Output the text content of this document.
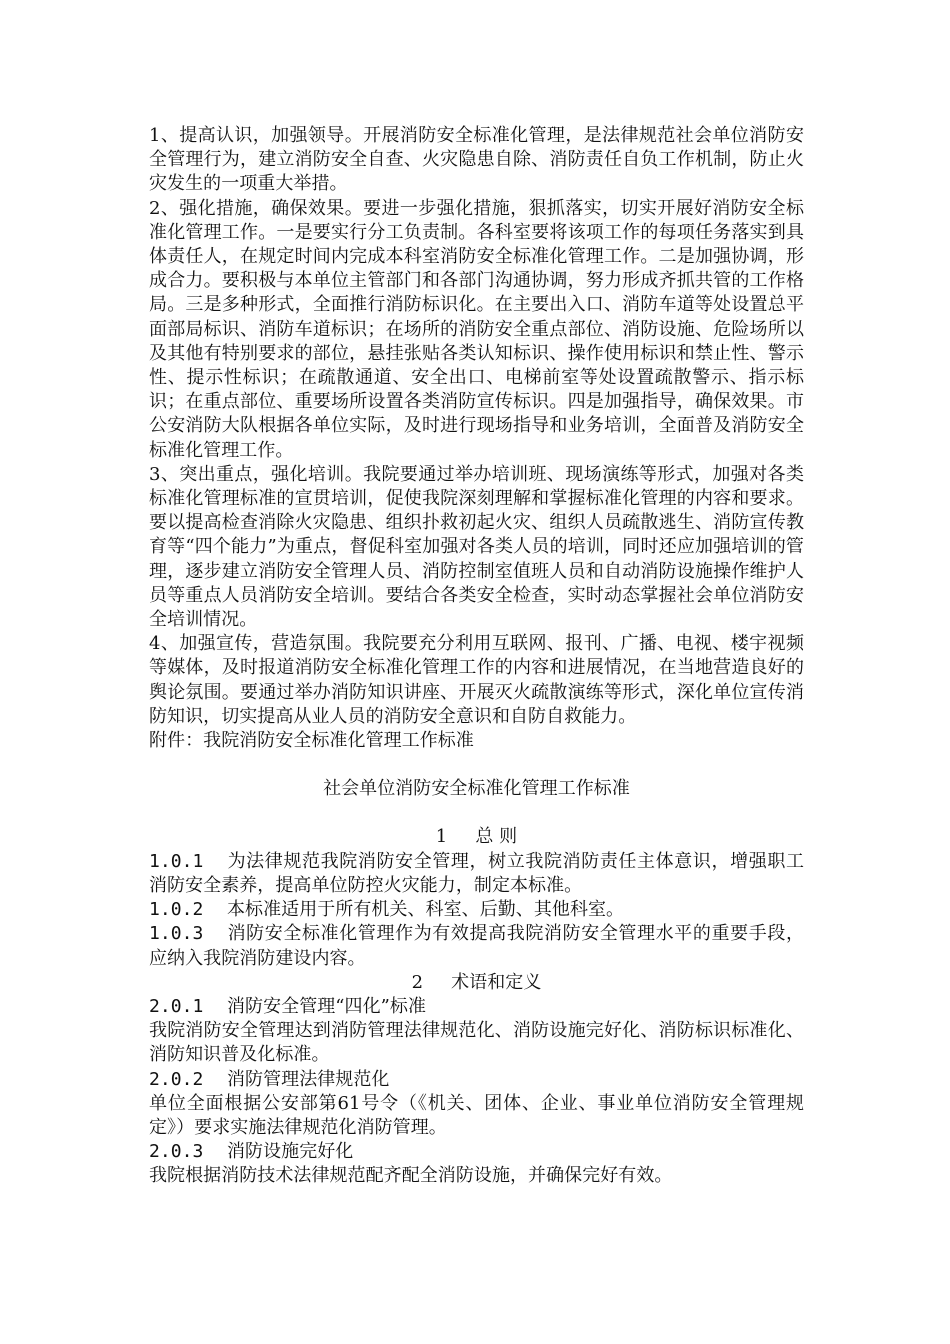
1、提高认识，加强领导。开展消防安全标准化管理，是法律规范社会单位消防安全管理行为，建立消防安全自查、火灾隐患自除、消防责任自负工作机制，防止火灾发生的一项重大举措。

2、强化措施，确保效果。要进一步强化措施，狠抓落实，切实开展好消防安全标准化管理工作。一是要实行分工负责制。各科室要将该项工作的每项任务落实到具体责任人，在规定时间内完成本科室消防安全标准化管理工作。二是加强协调，形成合力。要积极与本单位主管部门和各部门沟通协调，努力形成齐抓共管的工作格局。三是多种形式，全面推行消防标识化。在主要出入口、消防车道等处设置总平面部局标识、消防车道标识；在场所的消防安全重点部位、消防设施、危险场所以及其他有特别要求的部位，悬挂张贴各类认知标识、操作使用标识和禁止性、警示性、提示性标识；在疏散通道、安全出口、电梯前室等处设置疏散警示、指示标识；在重点部位、重要场所设置各类消防宣传标识。四是加强指导，确保效果。市公安消防大队根据各单位实际，及时进行现场指导和业务培训，全面普及消防安全标准化管理工作。

3、突出重点，强化培训。我院要通过举办培训班、现场演练等形式，加强对各类标准化管理标准的宣贯培训，促使我院深刻理解和掌握标准化管理的内容和要求。要以提高检查消除火灾隐患、组织扑救初起火灾、组织人员疏散逃生、消防宣传教育等“四个能力”为重点，督促科室加强对各类人员的培训，同时还应加强培训的管理，逐步建立消防安全管理人员、消防控制室值班人员和自动消防设施操作维护人员等重点人员消防安全培训。要结合各类安全检查，实时动态掌握社会单位消防安全培训情况。

4、加强宣传，营造氛围。我院要充分利用互联网、报刊、广播、电视、楼宇视频等媒体，及时报道消防安全标准化管理工作的内容和进展情况，在当地营造良好的舆论氛围。要通过举办消防知识讲座、开展灭火疏散演练等形式，深化单位宣传消防知识，切实提高从业人员的消防安全意识和自防自救能力。

附件：我院消防安全标准化管理工作标准

社会单位消防安全标准化管理工作标准

1 总 则

1.0.1 为法律规范我院消防安全管理，树立我院消防责任主体意识，增强职工消防安全素养，提高单位防控火灾能力，制定本标准。

1.0.2 本标准适用于所有机关、科室、后勤、其他科室。

1.0.3 消防安全标准化管理作为有效提高我院消防安全管理水平的重要手段，应纳入我院消防建设内容。

2 术语和定义

2.0.1 消防安全管理“四化”标准

我院消防安全管理达到消防管理法律规范化、消防设施完好化、消防标识标准化、消防知识普及化标准。

2.0.2 消防管理法律规范化

单位全面根据公安部第61号令（《机关、团体、企业、事业单位消防安全管理规定》）要求实施法律规范化消防管理。

2.0.3 消防设施完好化

我院根据消防技术法律规范配齐配全消防设施，并确保完好有效。
